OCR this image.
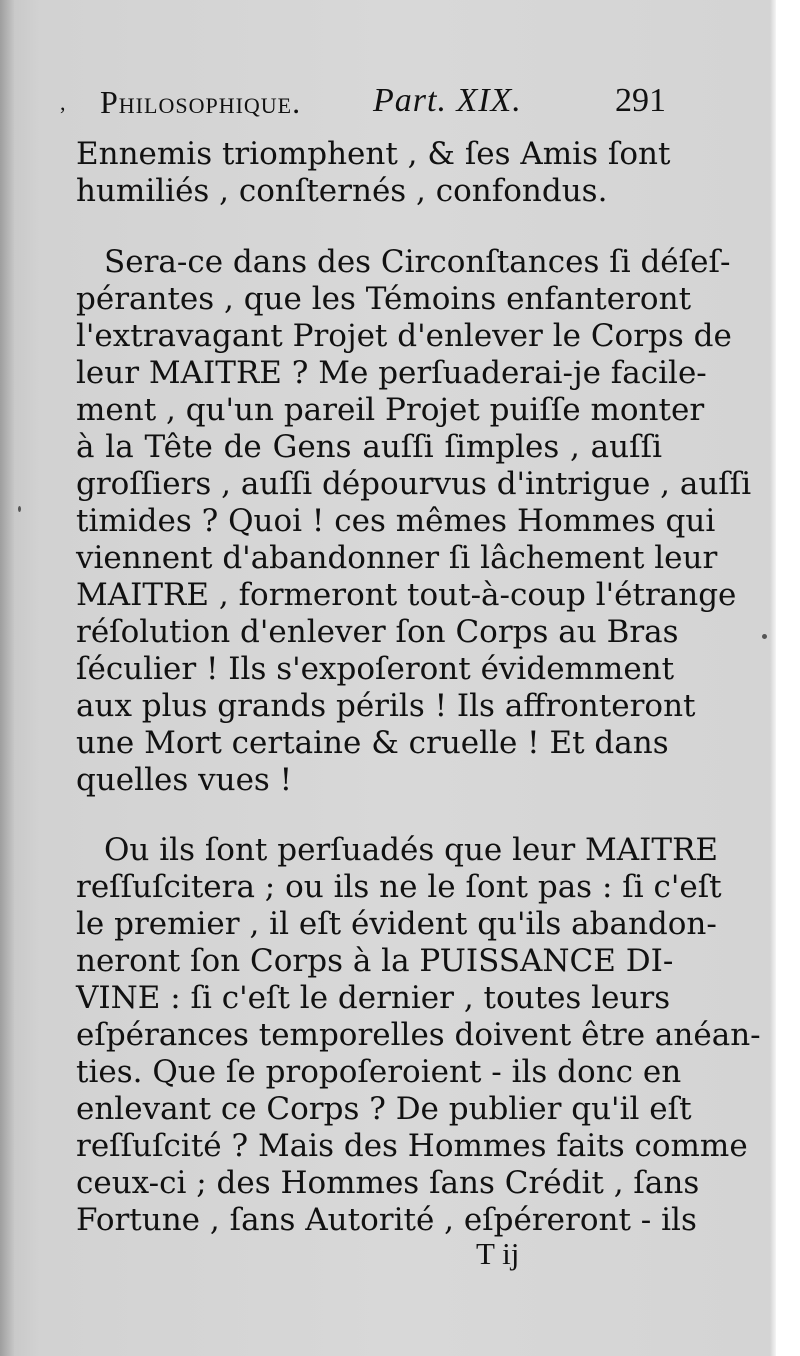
, Philosophique. Part. XIX.	291
Ennemis triomphent , & ſes Amis ſont
humiliés , conſternés , confondus.
Sera-ce dans des Circonſtances ſi déſeſ-
pérantes , que les Témoins enfanteront
l'extravagant Projet d'enlever le Corps de
leur MAITRE ? Me perſuaderai-je facile-
ment , qu'un pareil Projet puiſſe monter
à la Tête de Gens auſſi ſimples , auſſi
groſſiers , auſſi dépourvus d'intrigue , auſſi
timides ? Quoi ! ces mêmes Hommes qui
viennent d'abandonner ſi lâchement leur
MAITRE , formeront tout-à-coup l'étrange
réſolution d'enlever ſon Corps au Bras
ſéculier ! Ils s'expoſeront évidemment
aux plus grands périls ! Ils affronteront
une Mort certaine & cruelle ! Et dans
quelles vues !
Ou ils ſont perſuadés que leur MAITRE
reſſuſcitera ; ou ils ne le ſont pas : ſi c'eſt
le premier , il eſt évident qu'ils abandon-
neront ſon Corps à la PUISSANCE DI-
VINE : ſi c'eſt le dernier , toutes leurs
eſpérances temporelles doivent être anéan-
ties. Que ſe propoſeroient - ils donc en
enlevant ce Corps ? De publier qu'il eſt
reſſuſcité ? Mais des Hommes faits comme
ceux-ci ; des Hommes ſans Crédit , ſans
Fortune , ſans Autorité , eſpéreront - ils
T ij
